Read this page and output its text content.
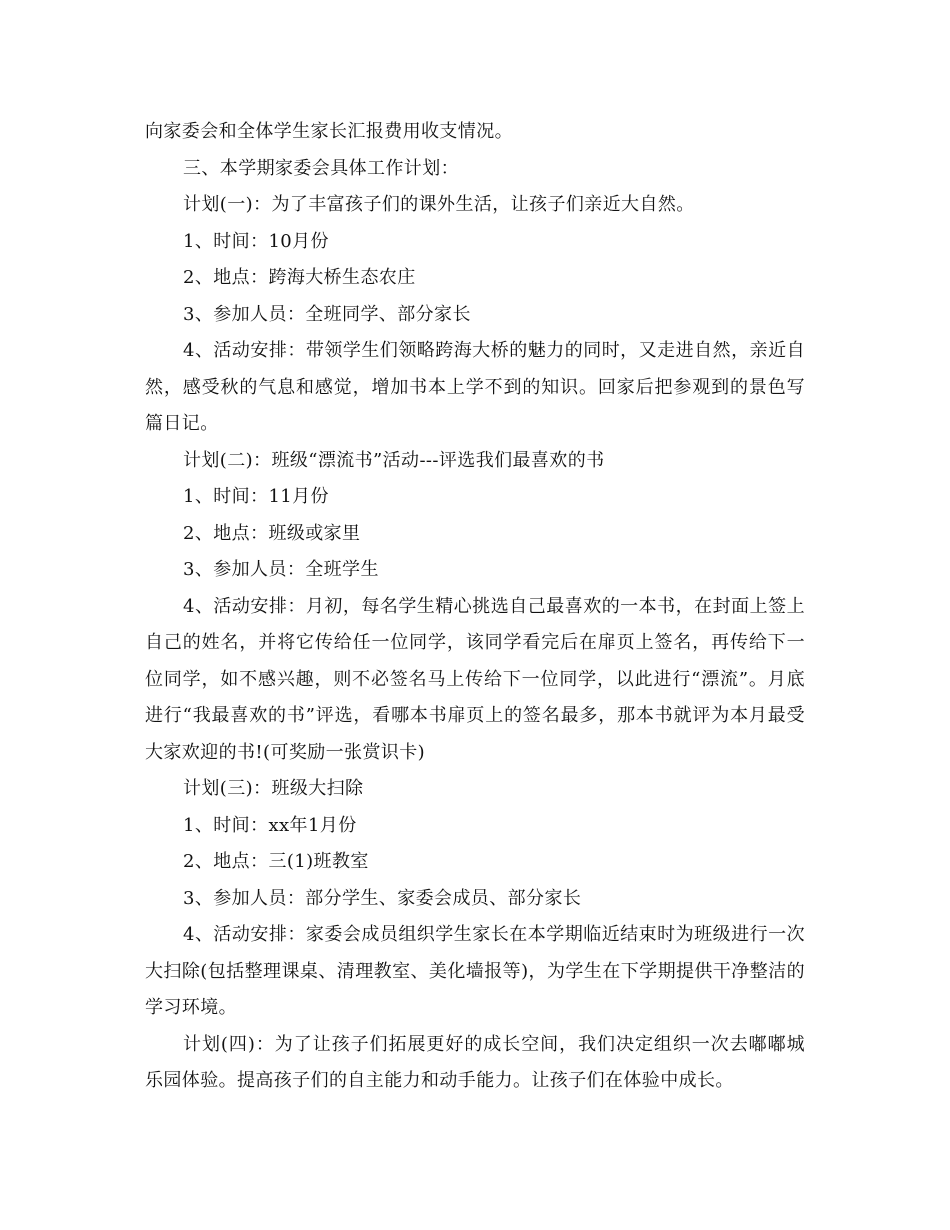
向家委会和全体学生家长汇报费用收支情况。

三、本学期家委会具体工作计划：

计划(一)：为了丰富孩子们的课外生活，让孩子们亲近大自然。

1、时间：10月份

2、地点：跨海大桥生态农庄

3、参加人员：全班同学、部分家长

4、活动安排：带领学生们领略跨海大桥的魅力的同时，又走进自然，亲近自然，感受秋的气息和感觉，增加书本上学不到的知识。回家后把参观到的景色写篇日记。

计划(二)：班级“漂流书”活动---评选我们最喜欢的书

1、时间：11月份

2、地点：班级或家里

3、参加人员：全班学生

4、活动安排：月初，每名学生精心挑选自己最喜欢的一本书，在封面上签上自己的姓名，并将它传给任一位同学，该同学看完后在扉页上签名，再传给下一位同学，如不感兴趣，则不必签名马上传给下一位同学，以此进行“漂流”。月底进行“我最喜欢的书”评选，看哪本书扉页上的签名最多，那本书就评为本月最受大家欢迎的书!(可奖励一张赏识卡)

计划(三)：班级大扫除

1、时间：xx年1月份

2、地点：三(1)班教室

3、参加人员：部分学生、家委会成员、部分家长

4、活动安排：家委会成员组织学生家长在本学期临近结束时为班级进行一次大扫除(包括整理课桌、清理教室、美化墙报等)，为学生在下学期提供干净整洁的学习环境。

计划(四)：为了让孩子们拓展更好的成长空间，我们决定组织一次去嘟嘟城乐园体验。提高孩子们的自主能力和动手能力。让孩子们在体验中成长。
